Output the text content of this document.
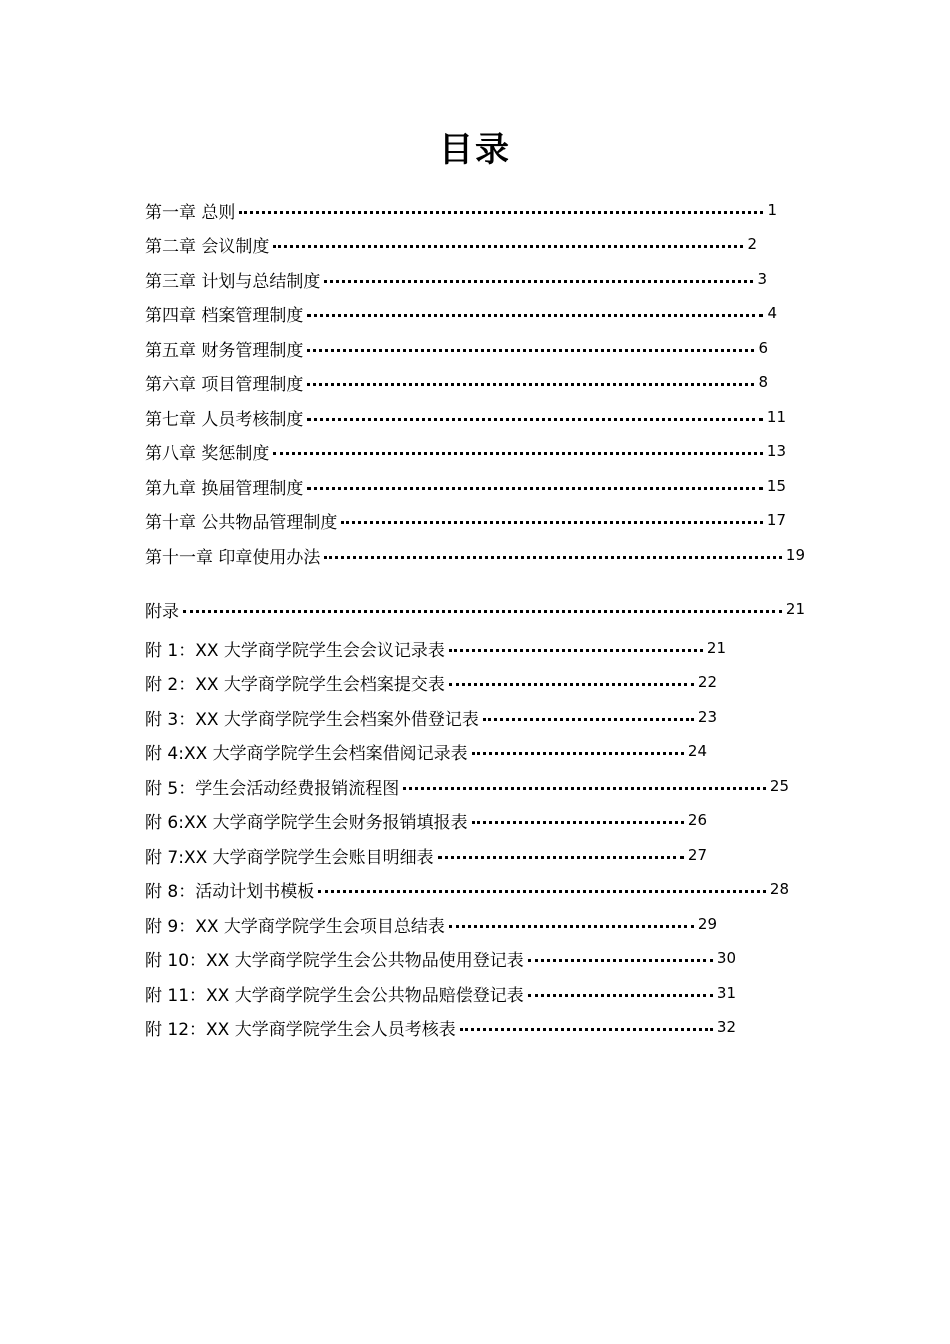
目录
第一章 总则	1
第二章 会议制度	2
第三章 计划与总结制度	3
第四章 档案管理制度	4
第五章 财务管理制度	6
第六章 项目管理制度	8
第七章 人员考核制度	11
第八章 奖惩制度	13
第九章 换届管理制度	15
第十章 公共物品管理制度	17
第十一章 印章使用办法	19
附录	21
附 1：XX 大学商学院学生会会议记录表	21
附 2：XX 大学商学院学生会档案提交表	22
附 3：XX 大学商学院学生会档案外借登记表	23
附 4:XX 大学商学院学生会档案借阅记录表	24
附 5：学生会活动经费报销流程图	25
附 6:XX 大学商学院学生会财务报销填报表	26
附 7:XX 大学商学院学生会账目明细表	27
附 8：活动计划书模板	28
附 9：XX 大学商学院学生会项目总结表	29
附 10：XX 大学商学院学生会公共物品使用登记表	30
附 11：XX 大学商学院学生会公共物品赔偿登记表	31
附 12：XX 大学商学院学生会人员考核表	32
